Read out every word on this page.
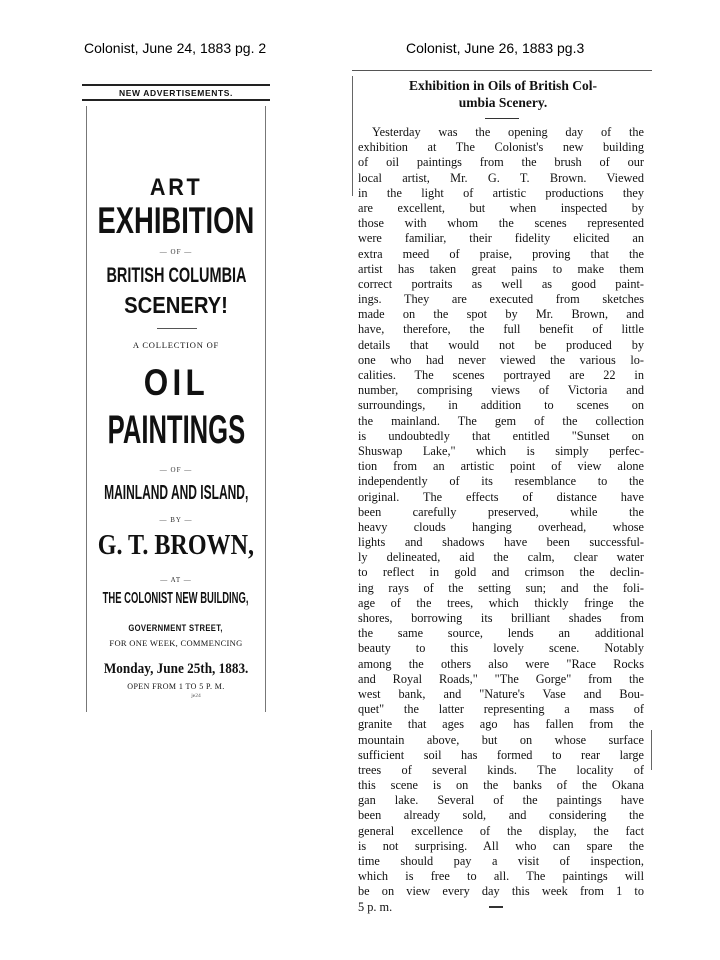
Colonist, June 24, 1883 pg. 2	Colonist, June 26, 1883 pg.3
NEW ADVERTISEMENTS.
ART
EXHIBITION
— OF —
BRITISH COLUMBIA
SCENERY!
A COLLECTION OF
OIL
PAINTINGS
— OF —
MAINLAND AND ISLAND,
— BY —
G. T. BROWN,
— AT —
THE COLONIST NEW BUILDING,
GOVERNMENT STREET,
FOR ONE WEEK, COMMENCING
Monday, June 25th, 1883.
OPEN FROM 1 TO 5 P. M.
je24
Exhibition in Oils of British Col-
umbia Scenery.
Yesterday was the opening day of the
exhibition at The Colonist's new building
of oil paintings from the brush of our
local artist, Mr. G. T. Brown. Viewed
in the light of artistic productions they
are excellent, but when inspected by
those with whom the scenes represented
were familiar, their fidelity elicited an
extra meed of praise, proving that the
artist has taken great pains to make them
correct portraits as well as good paint-
ings. They are executed from sketches
made on the spot by Mr. Brown, and
have, therefore, the full benefit of little
details that would not be produced by
one who had never viewed the various lo-
calities. The scenes portrayed are 22 in
number, comprising views of Victoria and
surroundings, in addition to scenes on
the mainland. The gem of the collection
is undoubtedly that entitled "Sunset on
Shuswap Lake," which is simply perfec-
tion from an artistic point of view alone
independently of its resemblance to the
original. The effects of distance have
been carefully preserved, while the
heavy clouds hanging overhead, whose
lights and shadows have been successful-
ly delineated, aid the calm, clear water
to reflect in gold and crimson the declin-
ing rays of the setting sun; and the foli-
age of the trees, which thickly fringe the
shores, borrowing its brilliant shades from
the same source, lends an additional
beauty to this lovely scene. Notably
among the others also were "Race Rocks
and Royal Roads," "The Gorge" from the
west bank, and "Nature's Vase and Bou-
quet" the latter representing a mass of
granite that ages ago has fallen from the
mountain above, but on whose surface
sufficient soil has formed to rear large
trees of several kinds. The locality of
this scene is on the banks of the Okana
gan lake. Several of the paintings have
been already sold, and considering the
general excellence of the display, the fact
is not surprising. All who can spare the
time should pay a visit of inspection,
which is free to all. The paintings will
be on view every day this week from 1 to
5 p. m.
